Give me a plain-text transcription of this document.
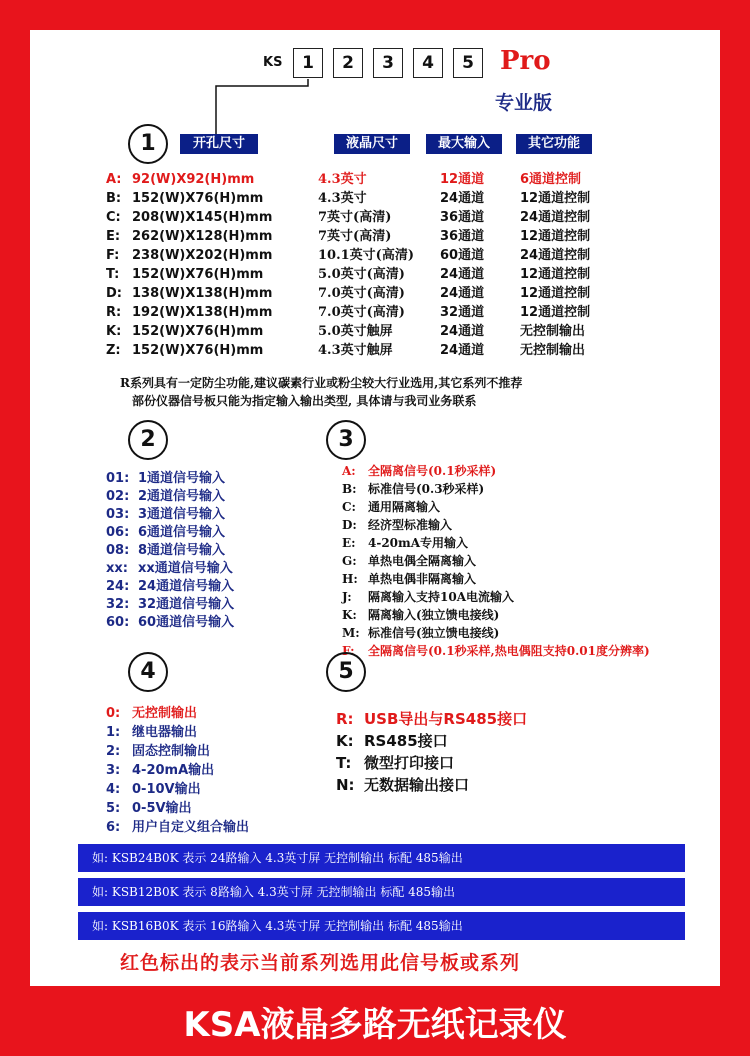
KS	1	2	3	4	5	Pro
专业版
1	开孔尺寸	液晶尺寸	最大输入	其它功能
A: 92(W)X92(H)mm	4.3英寸	12通道	6通道控制
B: 152(W)X76(H)mm	4.3英寸	24通道	12通道控制
C: 208(W)X145(H)mm	7英寸(高清)	36通道	24通道控制
E: 262(W)X128(H)mm	7英寸(高清)	36通道	12通道控制
F: 238(W)X202(H)mm	10.1英寸(高清) 60通道	24通道控制
T: 152(W)X76(H)mm	5.0英寸(高清)	24通道	12通道控制
D: 138(W)X138(H)mm	7.0英寸(高清)	24通道	12通道控制
R: 192(W)X138(H)mm	7.0英寸(高清)	32通道	12通道控制
K: 152(W)X76(H)mm	5.0英寸触屏	24通道	无控制输出
Z: 152(W)X76(H)mm	4.3英寸触屏	24通道	无控制输出
R系列具有一定防尘功能,建议碳素行业或粉尘较大行业选用,其它系列不推荐
部份仪器信号板只能为指定输入输出类型, 具体请与我司业务联系
2
01: 1通道信号输入
02: 2通道信号输入
03: 3通道信号输入
06: 6通道信号输入
08: 8通道信号输入
xx: xx通道信号输入
24: 24通道信号输入
32: 32通道信号输入
60: 60通道信号输入
3
A: 全隔离信号(0.1秒采样)
B: 标准信号(0.3秒采样)
C: 通用隔离输入
D: 经济型标准输入
E: 4-20mA专用输入
G: 单热电偶全隔离输入
H: 单热电偶非隔离输入
J: 隔离输入支持10A电流输入
K: 隔离输入(独立馈电接线)
M: 标准信号(独立馈电接线)
F: 全隔离信号(0.1秒采样,热电偶阻支持0.01度分辨率)
4
0: 无控制输出
1: 继电器输出
2: 固态控制输出
3: 4-20mA输出
4: 0-10V输出
5: 0-5V输出
6: 用户自定义组合输出
5
R: USB导出与RS485接口
K: RS485接口
T: 微型打印接口
N: 无数据输出接口
如: KSB24B0K 表示 24路输入 4.3英寸屏 无控制输出 标配 485输出
如: KSB12B0K 表示 8路输入 4.3英寸屏 无控制输出 标配 485输出
如: KSB16B0K 表示 16路输入 4.3英寸屏 无控制输出 标配 485输出
红色标出的表示当前系列选用此信号板或系列
KSA液晶多路无纸记录仪
